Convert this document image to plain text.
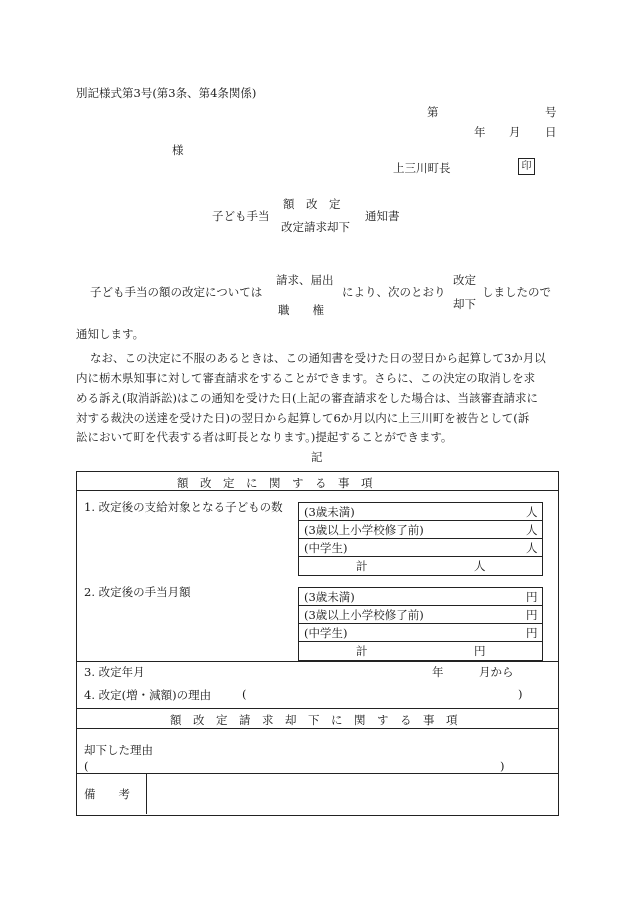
別記様式第3号(第3条、第4条関係)
第	号
年 月 日
様
上三川町長	印
子ども手当
額　改　定
改定請求却下
通知書
子ども手当の額の改定については
請求、届出
職　　権
により、次のとおり
改定
却下
しましたので
通知します。
なお、この決定に不服のあるときは、この通知書を受けた日の翌日から起算して3か月以
内に栃木県知事に対して審査請求をすることができます。さらに、この決定の取消しを求
める訴え(取消訴訟)はこの通知を受けた日(上記の審査請求をした場合は、当該審査請求に
対する裁決の送達を受けた日)の翌日から起算して6か月以内に上三川町を被告として(訴
訟において町を代表する者は町長となります。)提起することができます。
記
額　改　定　に　関　す　る　事　項
1. 改定後の支給対象となる子どもの数 (3歳未満)	人
(3歳以上小学校修了前)	人
(中学生)	人
計	人
2. 改定後の手当月額	(3歳未満)	円
(3歳以上小学校修了前)	円
(中学生)	円
計	円
3. 改定年月	年	月から
4. 改定(増・減額)の理由	(	)
額　改　定　請　求　却　下　に　関　す　る　事　項
却下した理由
(	)
備　　考
